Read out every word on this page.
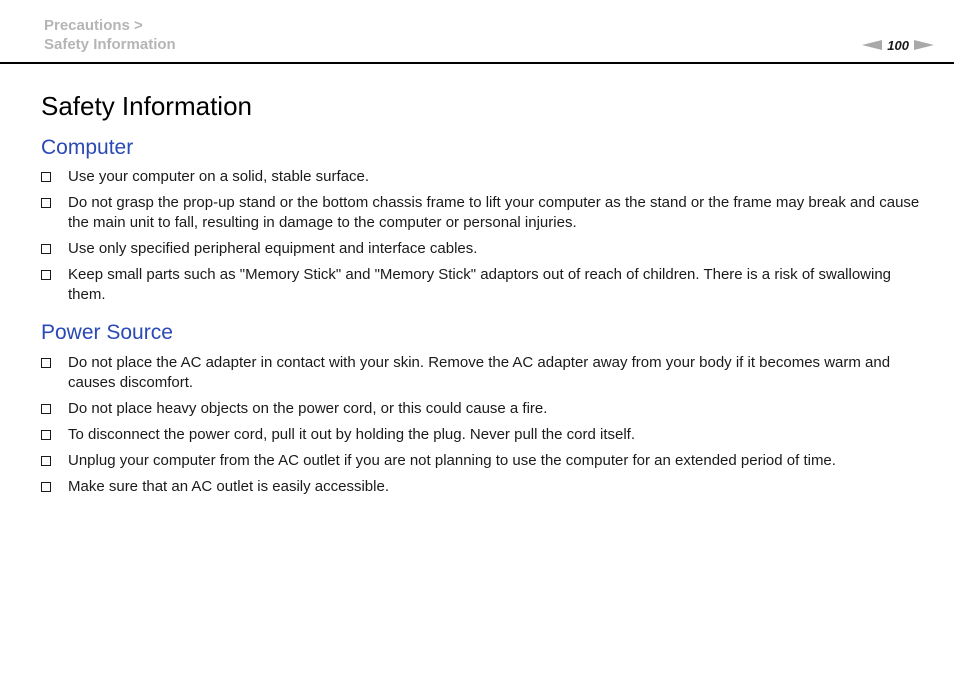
Precautions >
Safety Information	100
Safety Information
Computer
Use your computer on a solid, stable surface.
Do not grasp the prop-up stand or the bottom chassis frame to lift your computer as the stand or the frame may break and cause the main unit to fall, resulting in damage to the computer or personal injuries.
Use only specified peripheral equipment and interface cables.
Keep small parts such as "Memory Stick" and "Memory Stick" adaptors out of reach of children. There is a risk of swallowing them.
Power Source
Do not place the AC adapter in contact with your skin. Remove the AC adapter away from your body if it becomes warm and causes discomfort.
Do not place heavy objects on the power cord, or this could cause a fire.
To disconnect the power cord, pull it out by holding the plug. Never pull the cord itself.
Unplug your computer from the AC outlet if you are not planning to use the computer for an extended period of time.
Make sure that an AC outlet is easily accessible.
